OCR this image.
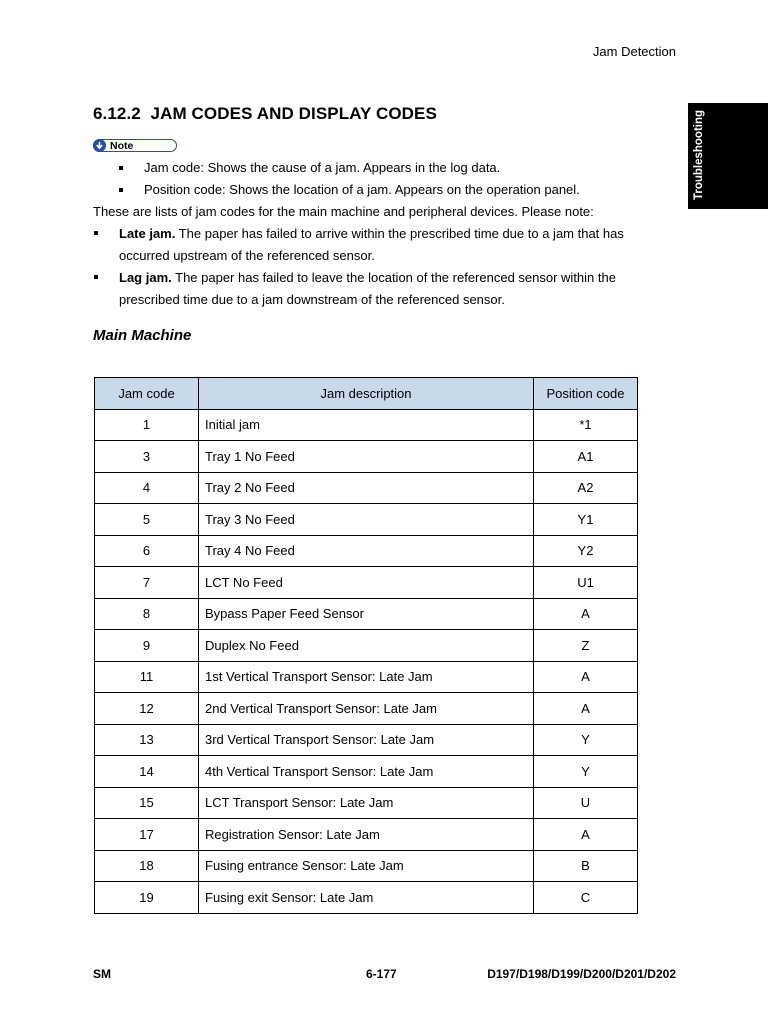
Jam Detection
Troubleshooting
6.12.2 JAM CODES AND DISPLAY CODES
Note
Jam code: Shows the cause of a jam. Appears in the log data.
Position code: Shows the location of a jam. Appears on the operation panel.
These are lists of jam codes for the main machine and peripheral devices. Please note:
Late jam. The paper has failed to arrive within the prescribed time due to a jam that has
occurred upstream of the referenced sensor.
Lag jam. The paper has failed to leave the location of the referenced sensor within the
prescribed time due to a jam downstream of the referenced sensor.
Main Machine
Jam code	Jam description	Position code
1	Initial jam	*1
3	Tray 1 No Feed	A1
4	Tray 2 No Feed	A2
5	Tray 3 No Feed	Y1
6	Tray 4 No Feed	Y2
7	LCT No Feed	U1
8	Bypass Paper Feed Sensor	A
9	Duplex No Feed	Z
11	1st Vertical Transport Sensor: Late Jam	A
12	2nd Vertical Transport Sensor: Late Jam	A
13	3rd Vertical Transport Sensor: Late Jam	Y
14	4th Vertical Transport Sensor: Late Jam	Y
15	LCT Transport Sensor: Late Jam	U
17	Registration Sensor: Late Jam	A
18	Fusing entrance Sensor: Late Jam	B
19	Fusing exit Sensor: Late Jam	C
SM	6-177	D197/D198/D199/D200/D201/D202
